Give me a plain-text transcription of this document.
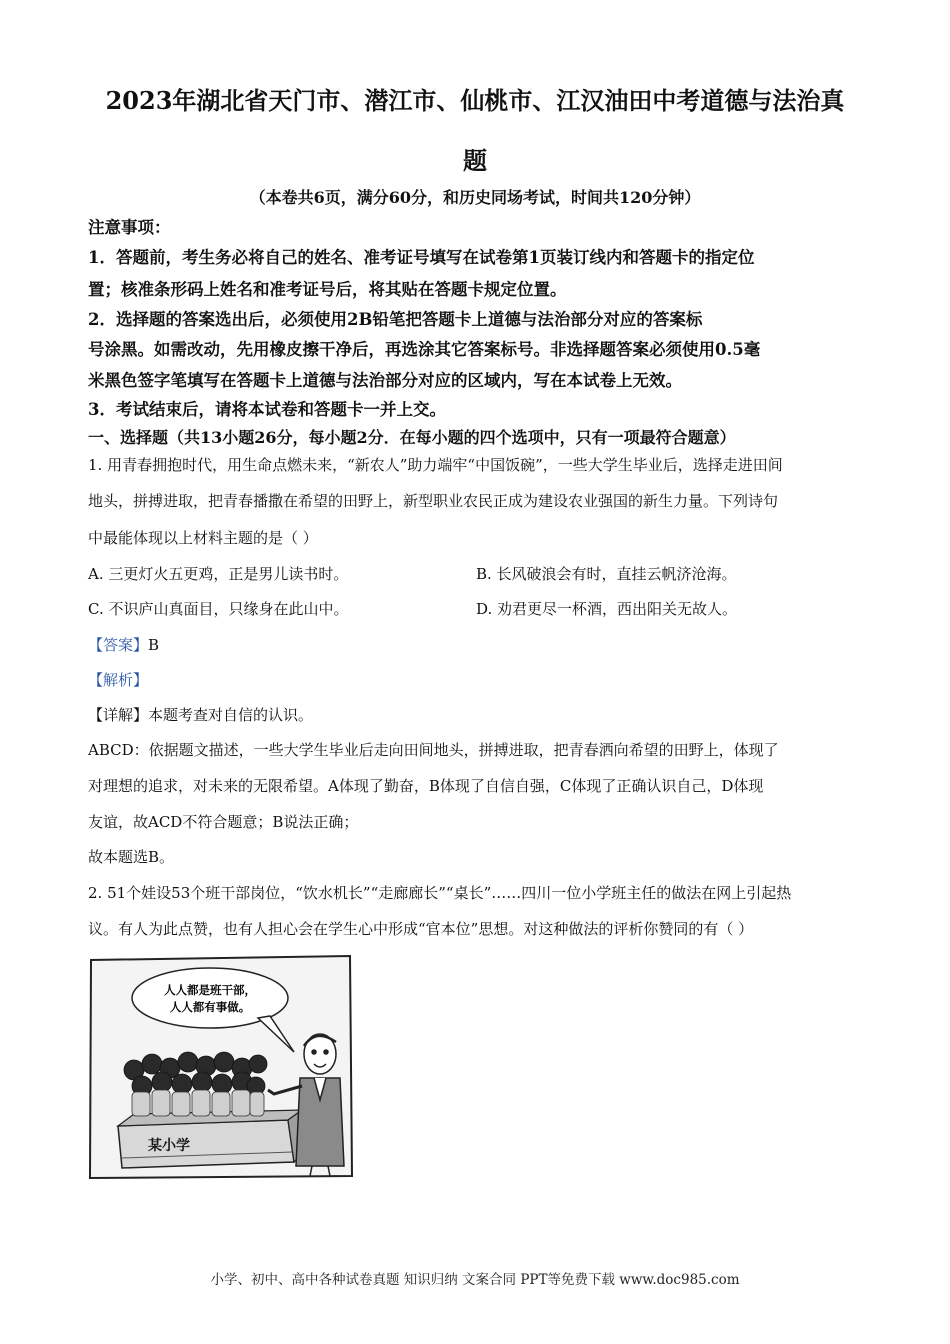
2023年湖北省天门市、潜江市、仙桃市、江汉油田中考道德与法治真
题
（本卷共6页，满分60分，和历史同场考试，时间共120分钟）
注意事项：
1．答题前，考生务必将自己的姓名、准考证号填写在试卷第1页装订线内和答题卡的指定位
置；核准条形码上姓名和准考证号后，将其贴在答题卡规定位置。
2．选择题的答案选出后，必须使用2B铅笔把答题卡上道德与法治部分对应的答案标
号涂黑。如需改动，先用橡皮擦干净后，再选涂其它答案标号。非选择题答案必须使用0.5毫
米黑色签字笔填写在答题卡上道德与法治部分对应的区域内，写在本试卷上无效。
3．考试结束后，请将本试卷和答题卡一并上交。
一、选择题（共13小题26分，每小题2分．在每小题的四个选项中，只有一项最符合题意）
1. 用青春拥抱时代，用生命点燃未来，“新农人”助力端牢“中国饭碗”，一些大学生毕业后，选择走进田间
地头，拼搏进取，把青春播撒在希望的田野上，新型职业农民正成为建设农业强国的新生力量。下列诗句
中最能体现以上材料主题的是（ ）
A. 三更灯火五更鸡，正是男儿读书时。	B. 长风破浪会有时，直挂云帆济沧海。
C. 不识庐山真面目，只缘身在此山中。	D. 劝君更尽一杯酒，西出阳关无故人。
【答案】B
【解析】
【详解】本题考查对自信的认识。
ABCD：依据题文描述，一些大学生毕业后走向田间地头，拼搏进取，把青春洒向希望的田野上，体现了
对理想的追求，对未来的无限希望。A体现了勤奋，B体现了自信自强，C体现了正确认识自己，D体现
友谊，故ACD不符合题意；B说法正确；
故本题选B。
2. 51个娃设53个班干部岗位，“饮水机长”“走廊廊长”“桌长”……四川一位小学班主任的做法在网上引起热
议。有人为此点赞，也有人担心会在学生心中形成“官本位”思想。对这种做法的评析你赞同的有（ ）
人人都是班干部，
人人都有事做。
某小学
小学、初中、高中各种试卷真题 知识归纳 文案合同 PPT等免费下载 www.doc985.com
